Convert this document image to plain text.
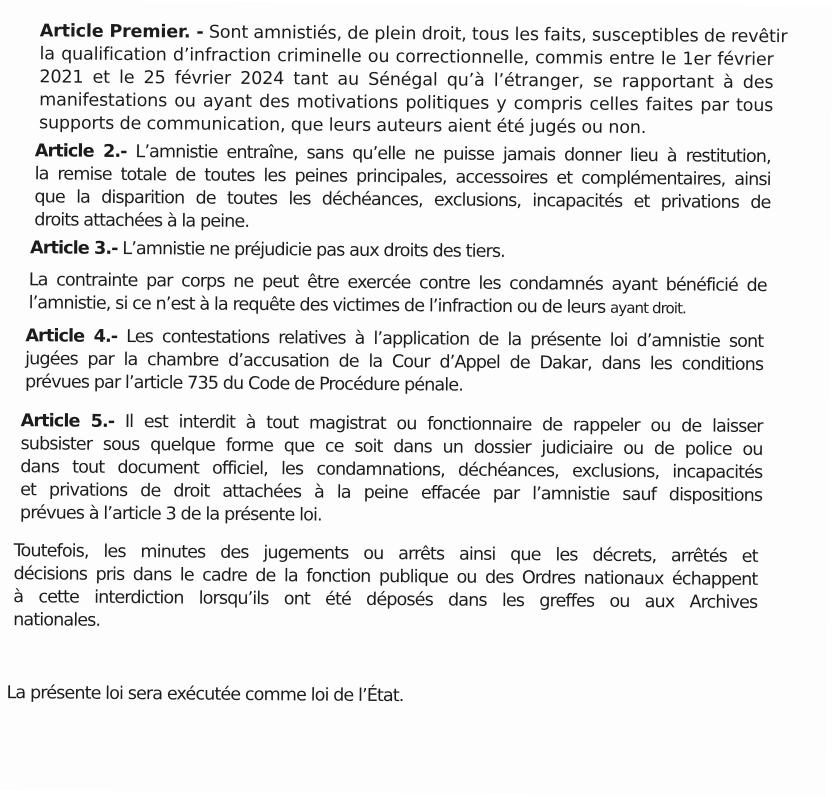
Article Premier. - Sont amnistiés, de plein droit, tous les faits, susceptibles de revêtir
la qualification d’infraction criminelle ou correctionnelle, commis entre le 1er février
2021 et le 25 février 2024 tant au Sénégal qu’à l’étranger, se rapportant à des
manifestations ou ayant des motivations politiques y compris celles faites par tous
supports de communication, que leurs auteurs aient été jugés ou non.
Article 2.- L’amnistie entraîne, sans qu’elle ne puisse jamais donner lieu à restitution,
la remise totale de toutes les peines principales, accessoires et complémentaires, ainsi
que la disparition de toutes les déchéances, exclusions, incapacités et privations de
droits attachées à la peine.
Article 3.- L’amnistie ne préjudicie pas aux droits des tiers.
La contrainte par corps ne peut être exercée contre les condamnés ayant bénéficié de
l’amnistie, si ce n’est à la requête des victimes de l’infraction ou de leurs ayant droit.
Article 4.- Les contestations relatives à l’application de la présente loi d’amnistie sont
jugées par la chambre d’accusation de la Cour d’Appel de Dakar, dans les conditions
prévues par l’article 735 du Code de Procédure pénale.
Article 5.- Il est interdit à tout magistrat ou fonctionnaire de rappeler ou de laisser
subsister sous quelque forme que ce soit dans un dossier judiciaire ou de police ou
dans tout document officiel, les condamnations, déchéances, exclusions, incapacités
et privations de droit attachées à la peine effacée par l’amnistie sauf dispositions
prévues à l’article 3 de la présente loi.
Toutefois, les minutes des jugements ou arrêts ainsi que les décrets, arrêtés et
décisions pris dans le cadre de la fonction publique ou des Ordres nationaux échappent
à cette interdiction lorsqu’ils ont été déposés dans les greffes ou aux Archives
nationales.
La présente loi sera exécutée comme loi de l’État.
